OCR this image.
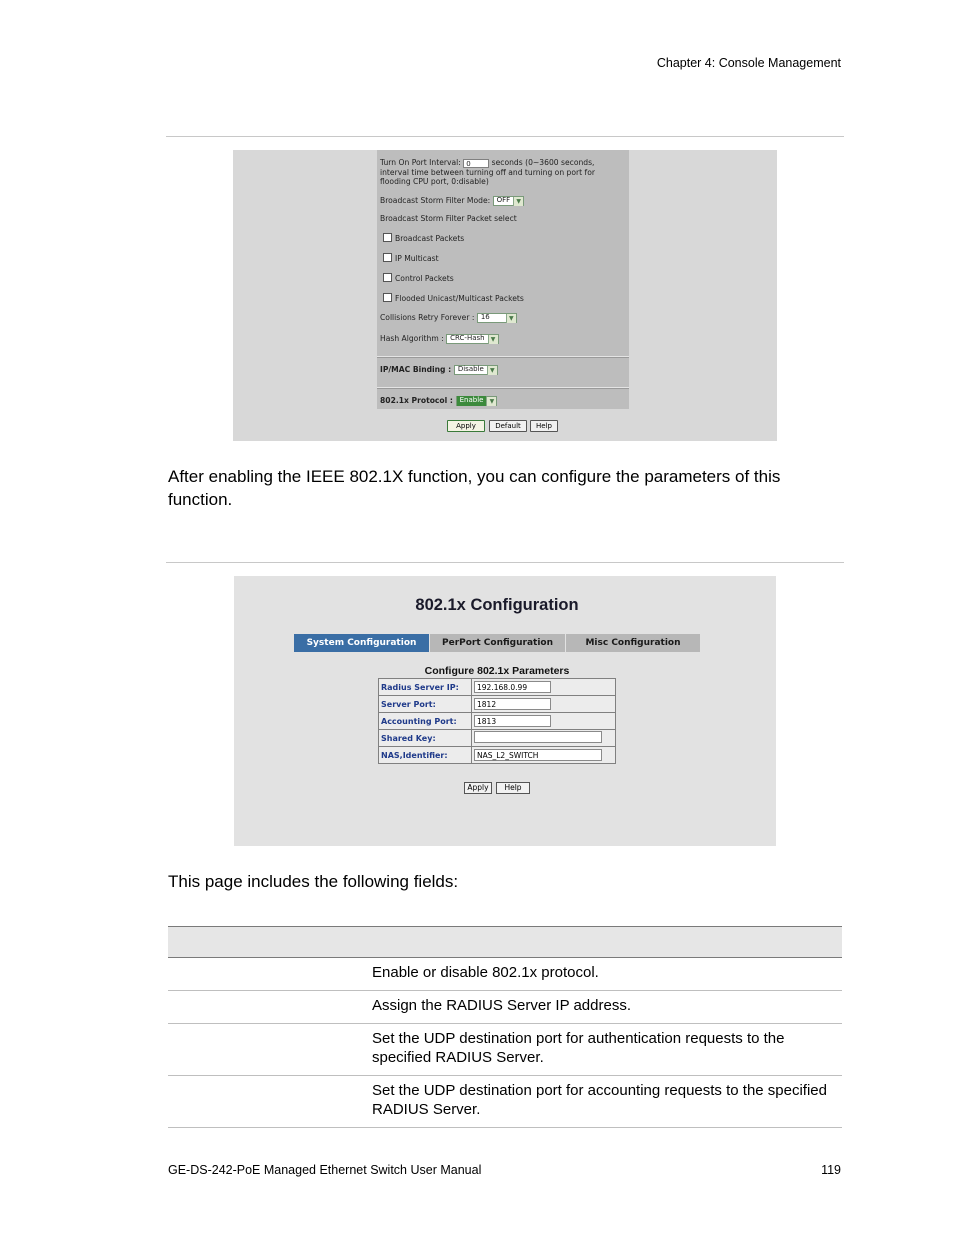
Chapter 4: Console Management
Turn On Port Interval: 0	seconds (0~3600 seconds,
interval time between turning off and turning on port for
flooding CPU port, 0:disable)
Broadcast Storm Filter Mode: OFF	▼
Broadcast Storm Filter Packet select
Broadcast Packets
IP Multicast
Control Packets
Flooded Unicast/Multicast Packets
Collisions Retry Forever : 16	▼
Hash Algorithm : CRC-Hash	▼
IP/MAC Binding : Disable	▼
802.1x Protocol : Enable	▼
Apply	Default	Help
After enabling the IEEE 802.1X function, you can configure the parameters of this function.
802.1x Configuration
System Configuration	PerPort Configuration	Misc Configuration
Configure 802.1x Parameters
Radius Server IP:	192.168.0.99
Server Port:	1812
Accounting Port:	1813
Shared Key:	
NAS,Identifier:	NAS_L2_SWITCH
Apply	Help
This page includes the following fields:

	Enable or disable 802.1x protocol.
	Assign the RADIUS Server IP address.
	Set the UDP destination port for authentication requests to the specified RADIUS Server.
	Set the UDP destination port for accounting requests to the specified RADIUS Server.
GE-DS-242-PoE Managed Ethernet Switch User Manual	119
